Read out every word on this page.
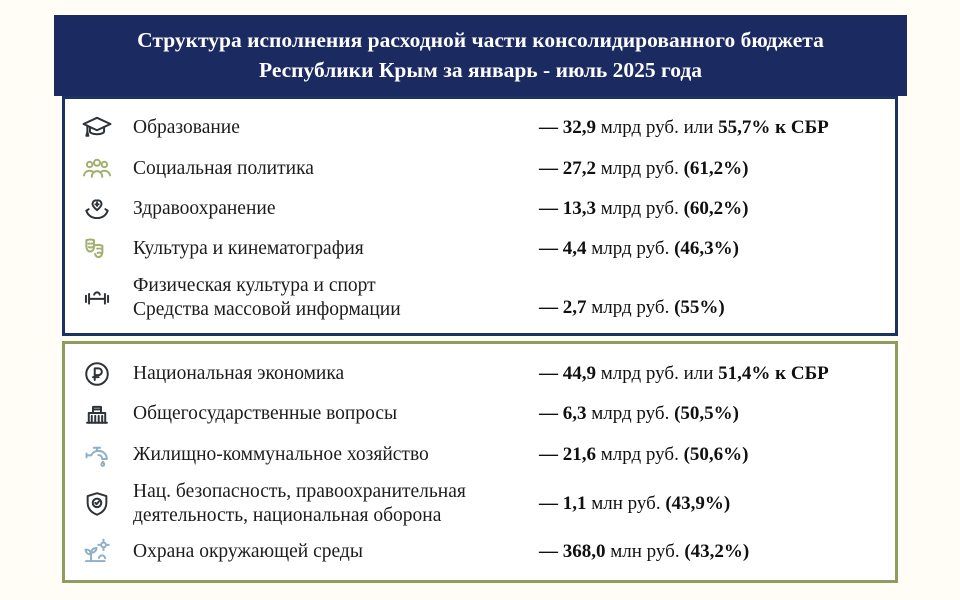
Структура исполнения расходной части консолидированного бюджета
Республики Крым за январь - июль 2025 года
Образование	— 32,9 млрд руб. или 55,7% к СБР
Социальная политика	— 27,2 млрд руб. (61,2%)
Здравоохранение	— 13,3 млрд руб. (60,2%)
Культура и кинематография	— 4,4 млрд руб. (46,3%)
Физическая культура и спорт
Средства массовой информации	— 2,7 млрд руб. (55%)
Национальная экономика	— 44,9 млрд руб. или 51,4% к СБР
Общегосударственные вопросы	— 6,3 млрд руб. (50,5%)
Жилищно-коммунальное хозяйство	— 21,6 млрд руб. (50,6%)
Нац. безопасность, правоохранительная
деятельность, национальная оборона
— 1,1 млн руб. (43,9%)
Охрана окружающей среды	— 368,0 млн руб. (43,2%)
